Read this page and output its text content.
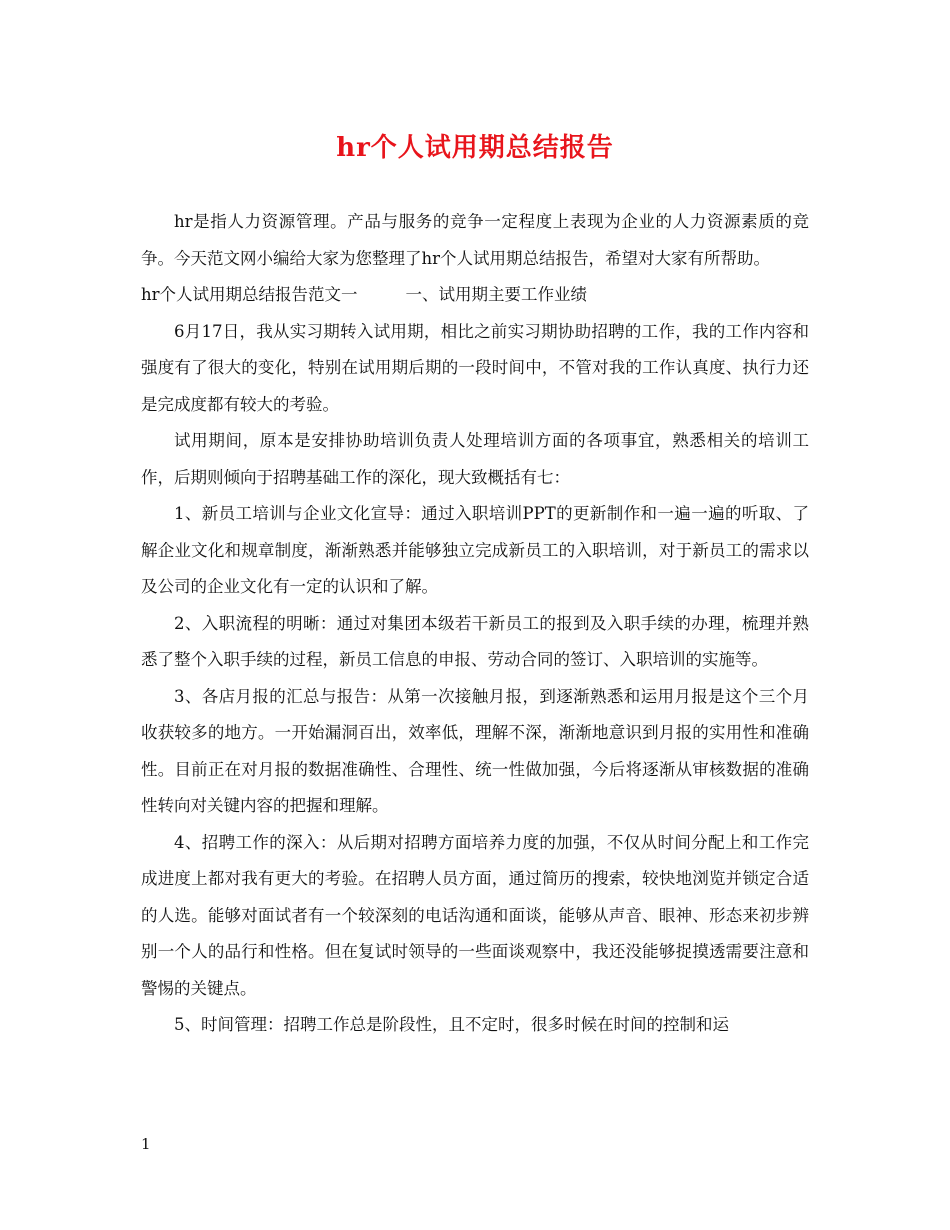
hr个人试用期总结报告

hr是指人力资源管理。产品与服务的竞争一定程度上表现为企业的人力资源素质的竞争。今天范文网小编给大家为您整理了hr个人试用期总结报告，希望对大家有所帮助。

hr个人试用期总结报告范文一	一、试用期主要工作业绩

6月17日，我从实习期转入试用期，相比之前实习期协助招聘的工作，我的工作内容和强度有了很大的变化，特别在试用期后期的一段时间中，不管对我的工作认真度、执行力还是完成度都有较大的考验。

试用期间，原本是安排协助培训负责人处理培训方面的各项事宜，熟悉相关的培训工作，后期则倾向于招聘基础工作的深化，现大致概括有七：

1、新员工培训与企业文化宣导：通过入职培训PPT的更新制作和一遍一遍的听取、了解企业文化和规章制度，渐渐熟悉并能够独立完成新员工的入职培训，对于新员工的需求以及公司的企业文化有一定的认识和了解。

2、入职流程的明晰：通过对集团本级若干新员工的报到及入职手续的办理，梳理并熟悉了整个入职手续的过程，新员工信息的申报、劳动合同的签订、入职培训的实施等。

3、各店月报的汇总与报告：从第一次接触月报，到逐渐熟悉和运用月报是这个三个月收获较多的地方。一开始漏洞百出，效率低，理解不深，渐渐地意识到月报的实用性和准确性。目前正在对月报的数据准确性、合理性、统一性做加强，今后将逐渐从审核数据的准确性转向对关键内容的把握和理解。

4、招聘工作的深入：从后期对招聘方面培养力度的加强，不仅从时间分配上和工作完成进度上都对我有更大的考验。在招聘人员方面，通过简历的搜索，较快地浏览并锁定合适的人选。能够对面试者有一个较深刻的电话沟通和面谈，能够从声音、眼神、形态来初步辨别一个人的品行和性格。但在复试时领导的一些面谈观察中，我还没能够捉摸透需要注意和警惕的关键点。

5、时间管理：招聘工作总是阶段性，且不定时，很多时候在时间的控制和运

1
